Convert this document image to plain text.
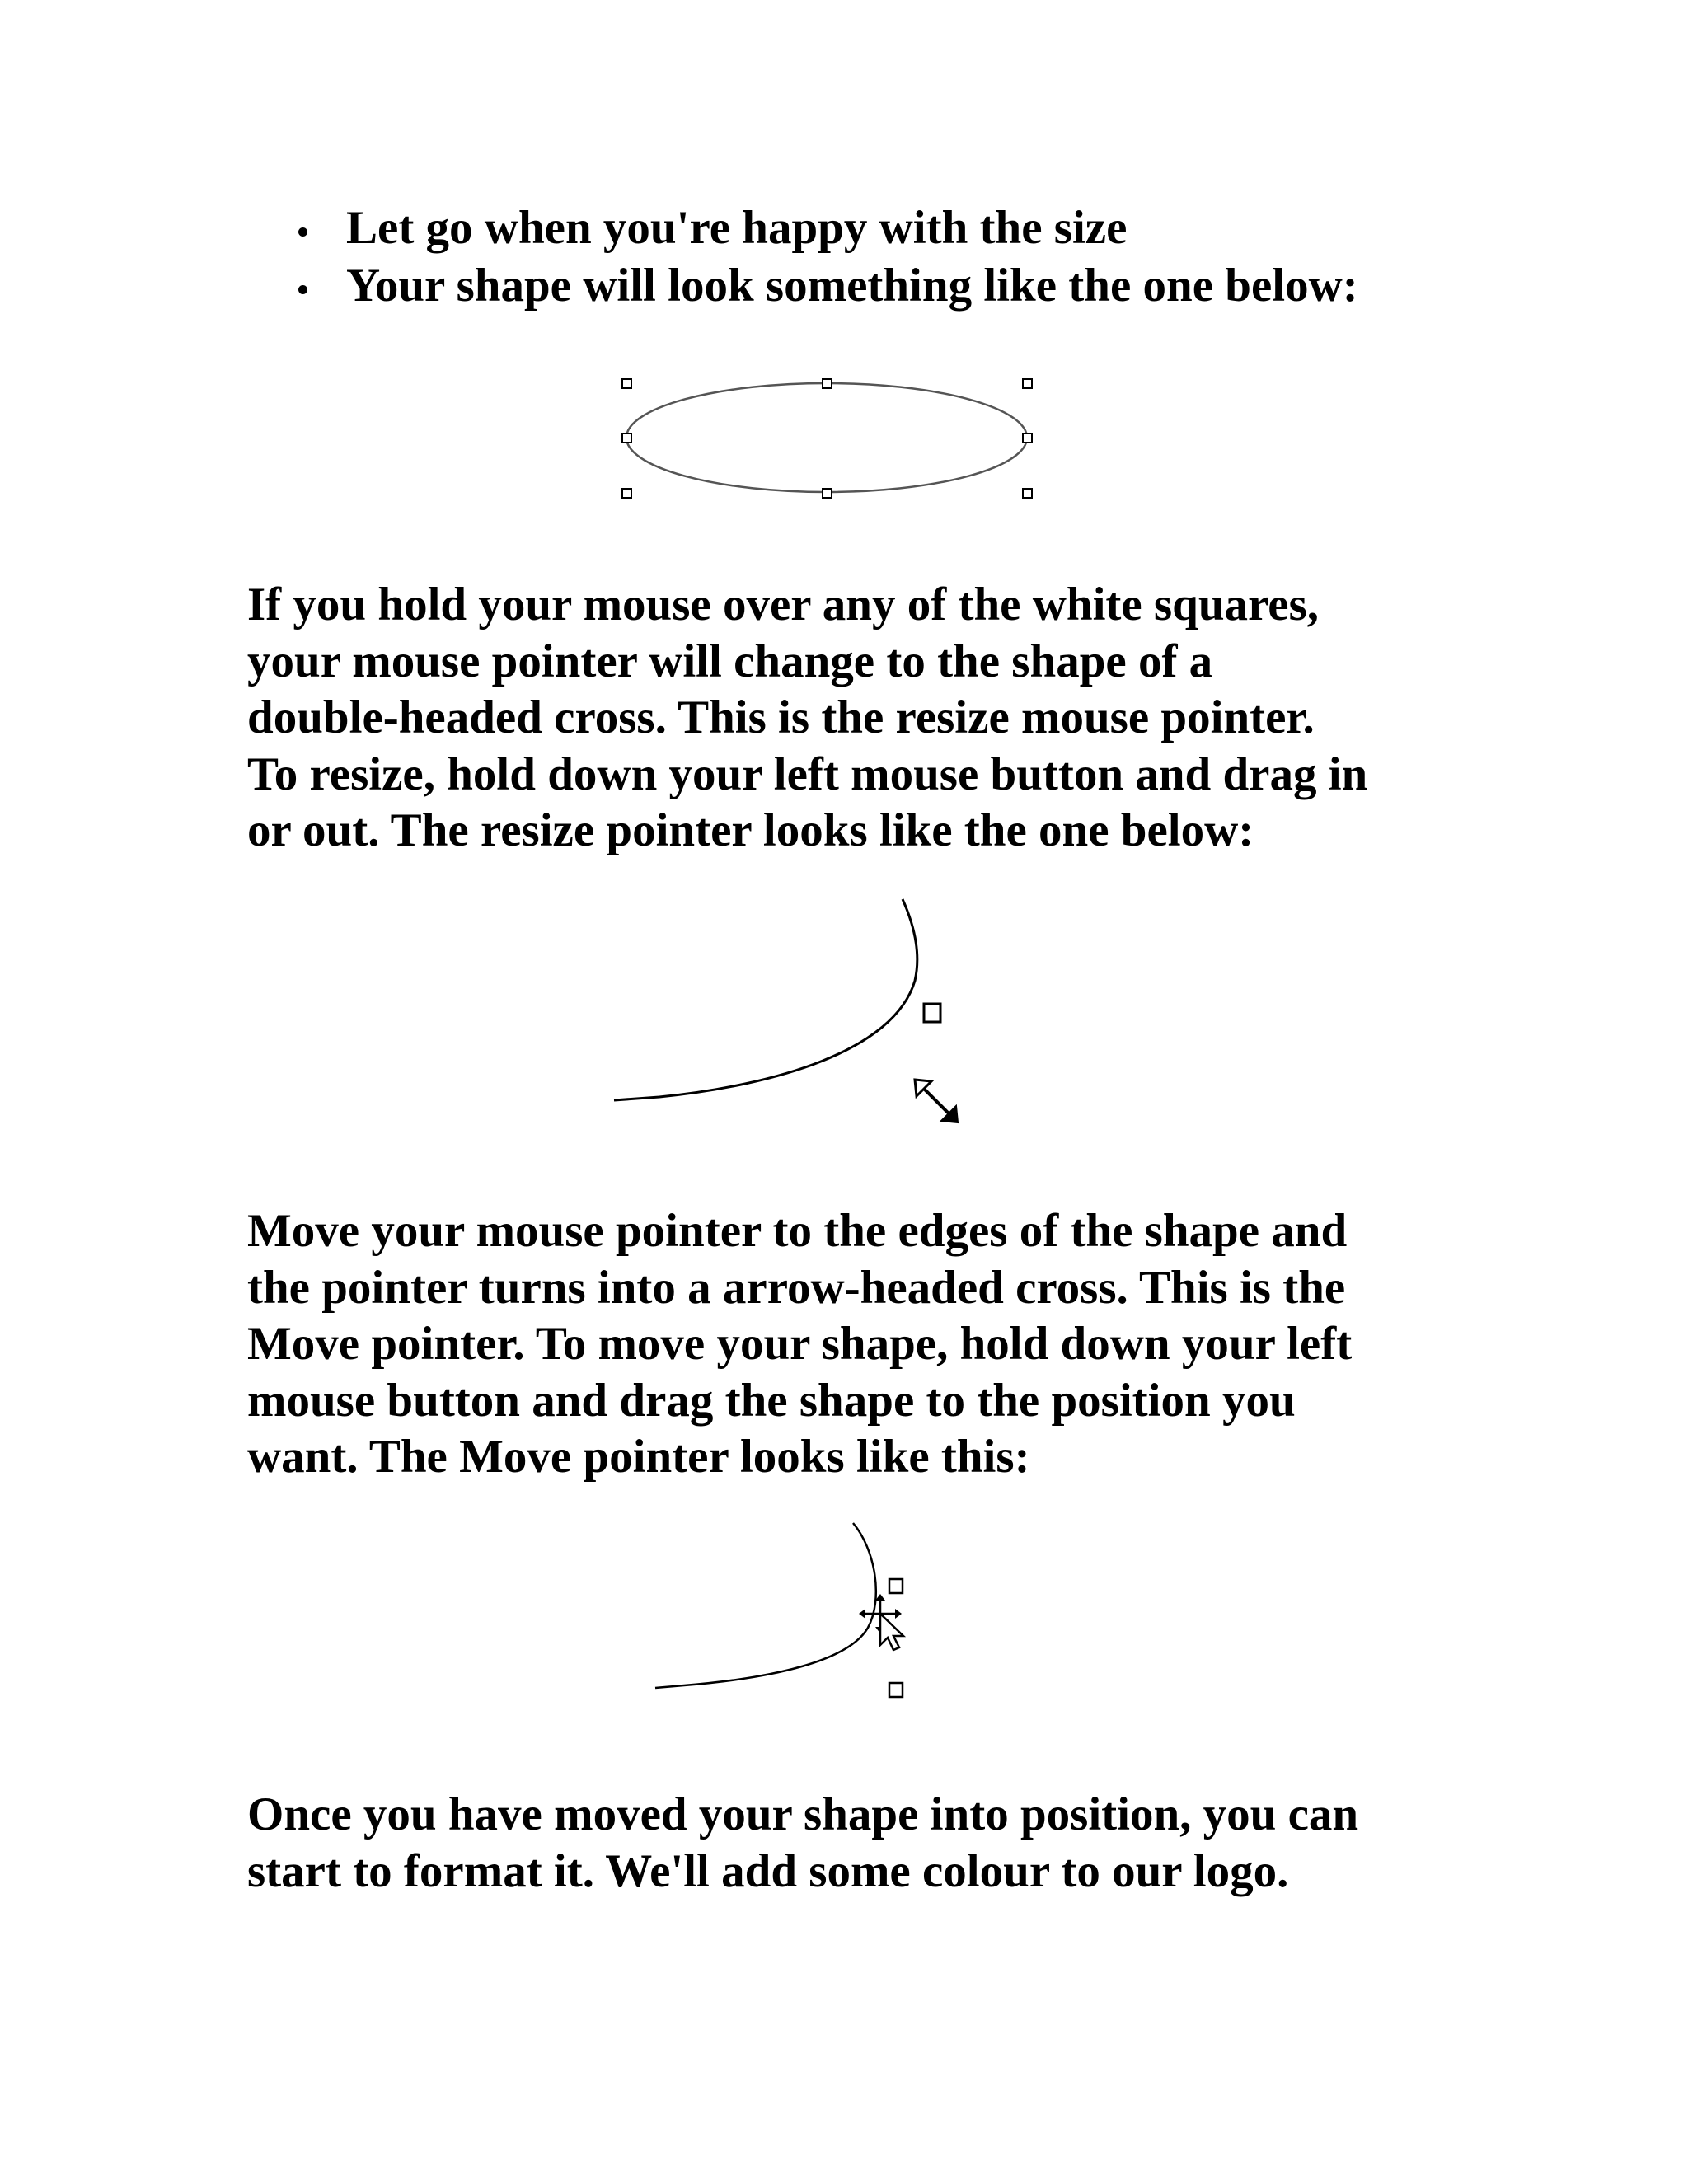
Let go when you're happy with the size
Your shape will look something like the one below:

If you hold your mouse over any of the white squares,
your mouse pointer will change to the shape of a
double-headed cross. This is the resize mouse pointer.
To resize, hold down your left mouse button and drag in
or out. The resize pointer looks like the one below:

Move your mouse pointer to the edges of the shape and
the pointer turns into a arrow-headed cross. This is the
Move pointer. To move your shape, hold down your left
mouse button and drag the shape to the position you
want. The Move pointer looks like this:

Once you have moved your shape into position, you can
start to format it. We'll add some colour to our logo.
